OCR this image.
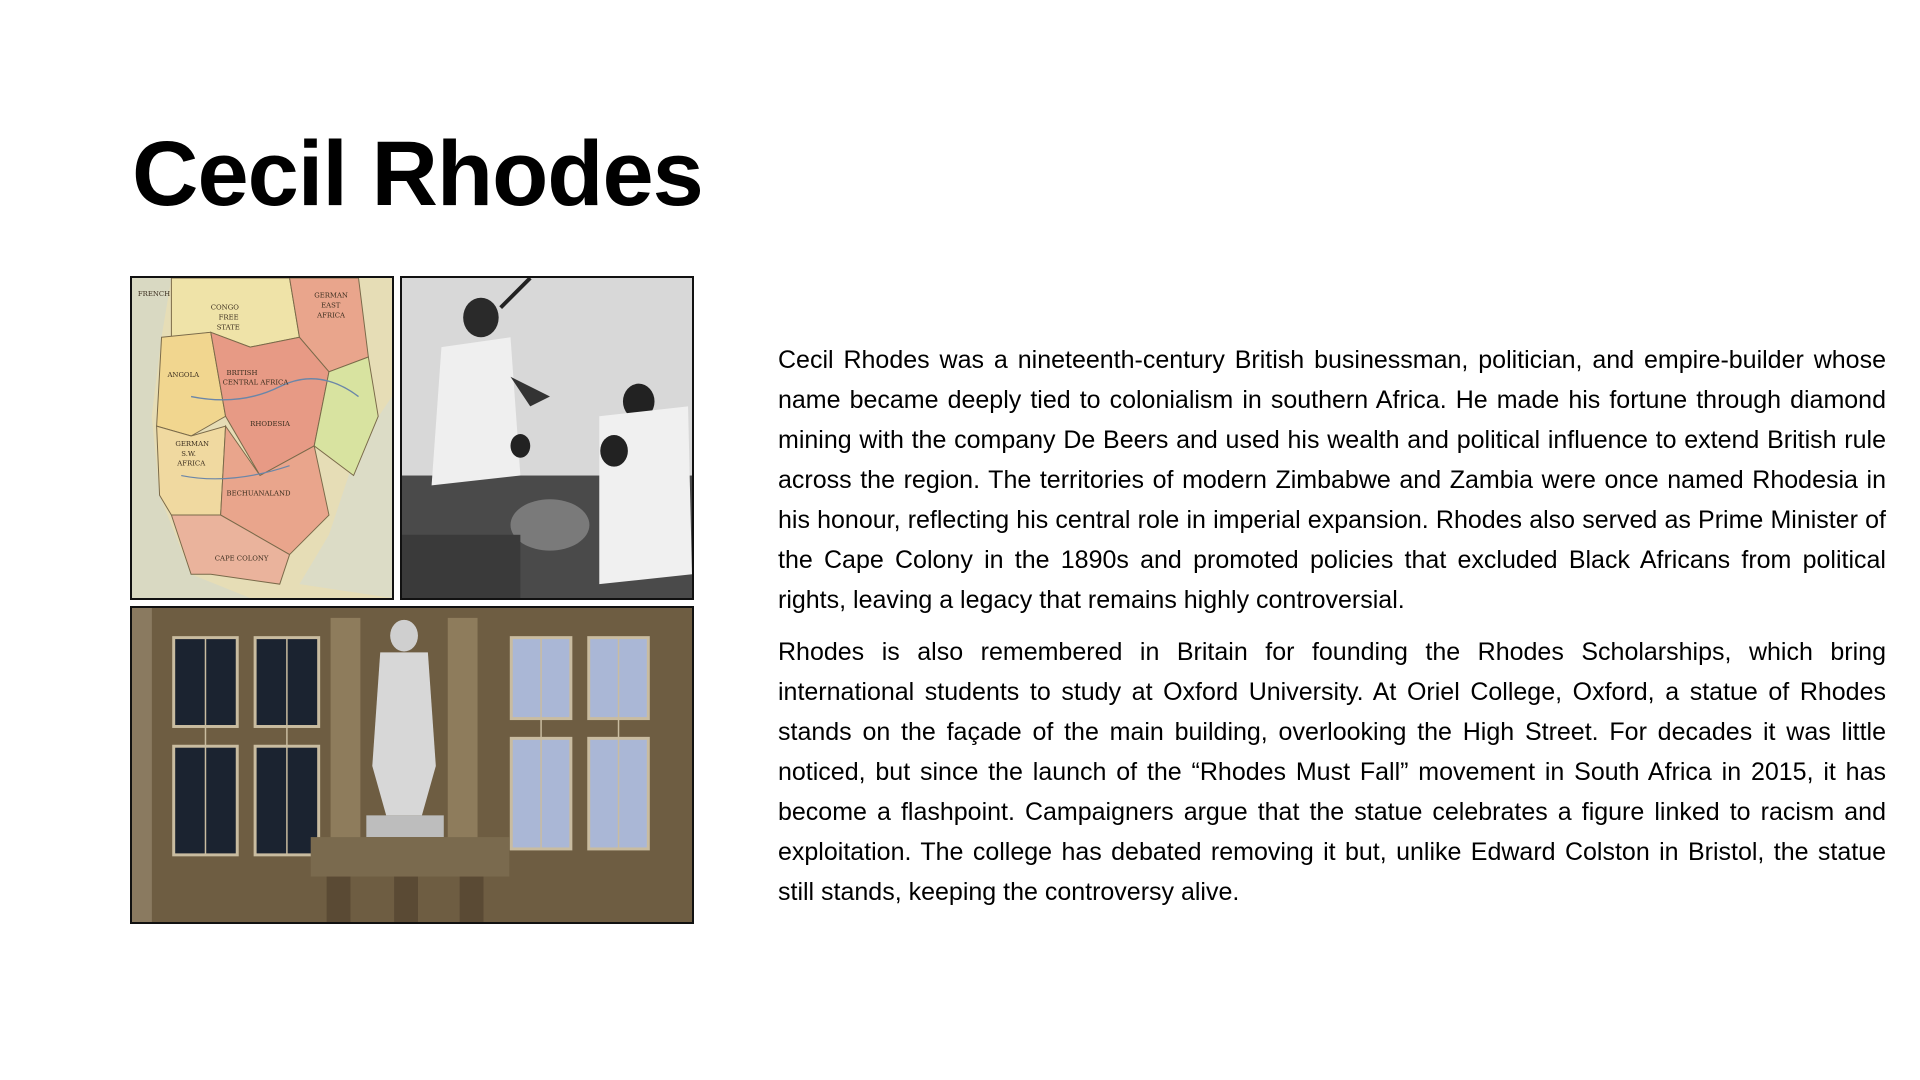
Cecil Rhodes
FRENCH
CONGO
FREE
STATE
GERMAN
EAST
AFRICA
ANGOLA	BRITISH
CENTRAL AFRICA
GERMAN
S.W.
AFRICA
RHODESIA
BECHUANALAND
CAPE COLONY

Cecil Rhodes was a nineteenth-century British businessman, politician, and empire-builder whose name became deeply tied to colonialism in southern Africa. He made his fortune through diamond mining with the company De Beers and used his wealth and political influence to extend British rule across the region. The territories of modern Zimbabwe and Zambia were once named Rhodesia in his honour, reflecting his central role in imperial expansion. Rhodes also served as Prime Minister of the Cape Colony in the 1890s and promoted policies that excluded Black Africans from political rights, leaving a legacy that remains highly controversial.

Rhodes is also remembered in Britain for founding the Rhodes Scholarships, which bring international students to study at Oxford University. At Oriel College, Oxford, a statue of Rhodes stands on the façade of the main building, overlooking the High Street. For decades it was little noticed, but since the launch of the “Rhodes Must Fall” movement in South Africa in 2015, it has become a flashpoint. Campaigners argue that the statue celebrates a figure linked to racism and exploitation. The college has debated removing it but, unlike Edward Colston in Bristol, the statue still stands, keeping the controversy alive.
